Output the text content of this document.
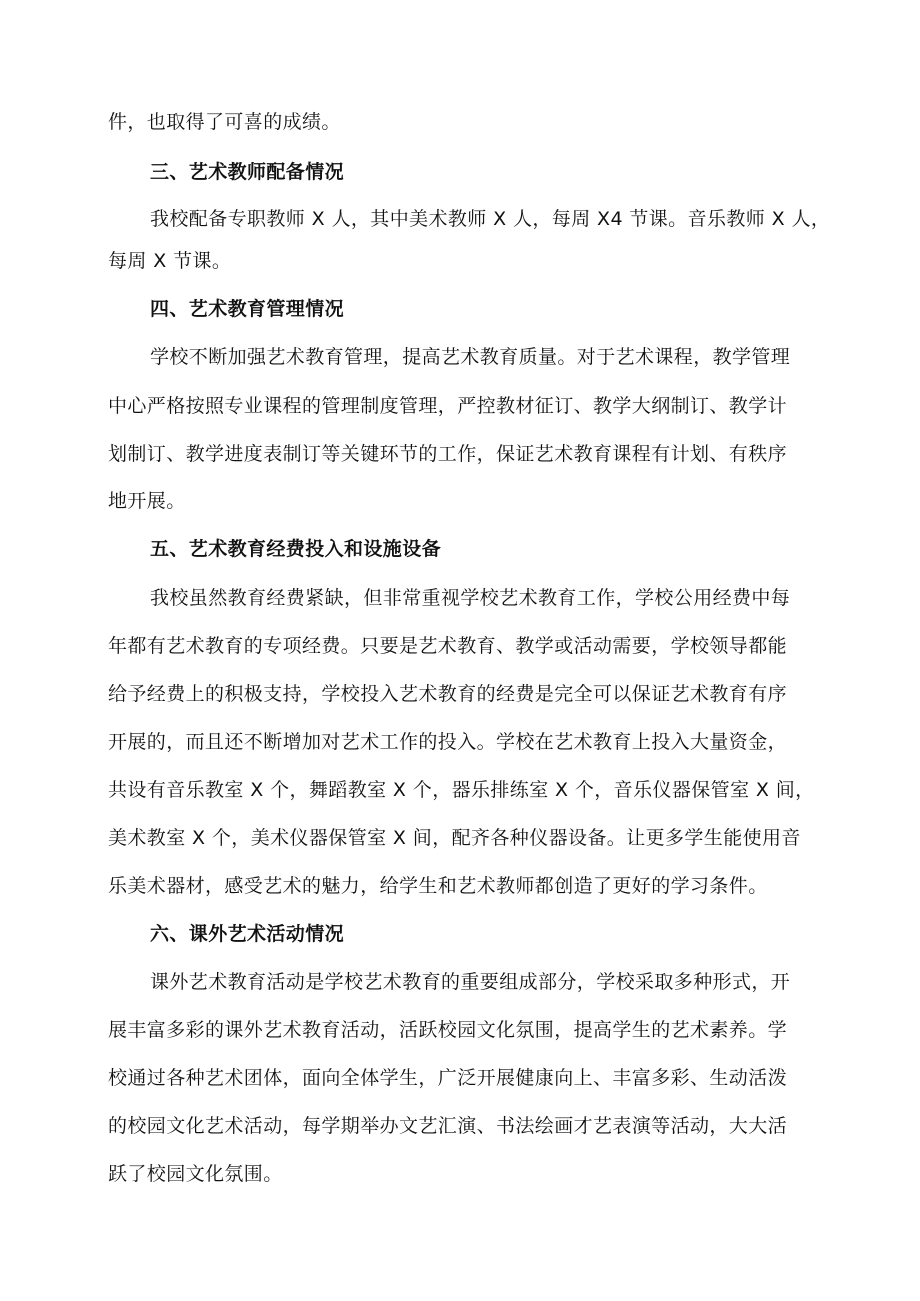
件，也取得了可喜的成绩。
三、艺术教师配备情况
我校配备专职教师 X 人，其中美术教师 X 人，每周 X4 节课。音乐教师 X 人，
每周 X 节课。
四、艺术教育管理情况
学校不断加强艺术教育管理，提高艺术教育质量。对于艺术课程，教学管理
中心严格按照专业课程的管理制度管理，严控教材征订、教学大纲制订、教学计
划制订、教学进度表制订等关键环节的工作，保证艺术教育课程有计划、有秩序
地开展。
五、艺术教育经费投入和设施设备
我校虽然教育经费紧缺，但非常重视学校艺术教育工作，学校公用经费中每
年都有艺术教育的专项经费。只要是艺术教育、教学或活动需要，学校领导都能
给予经费上的积极支持，学校投入艺术教育的经费是完全可以保证艺术教育有序
开展的，而且还不断增加对艺术工作的投入。学校在艺术教育上投入大量资金，
共设有音乐教室 X 个，舞蹈教室 X 个，器乐排练室 X 个，音乐仪器保管室 X 间，
美术教室 X 个，美术仪器保管室 X 间，配齐各种仪器设备。让更多学生能使用音
乐美术器材，感受艺术的魅力，给学生和艺术教师都创造了更好的学习条件。
六、课外艺术活动情况
课外艺术教育活动是学校艺术教育的重要组成部分，学校采取多种形式，开
展丰富多彩的课外艺术教育活动，活跃校园文化氛围，提高学生的艺术素养。学
校通过各种艺术团体，面向全体学生，广泛开展健康向上、丰富多彩、生动活泼
的校园文化艺术活动，每学期举办文艺汇演、书法绘画才艺表演等活动，大大活
跃了校园文化氛围。
